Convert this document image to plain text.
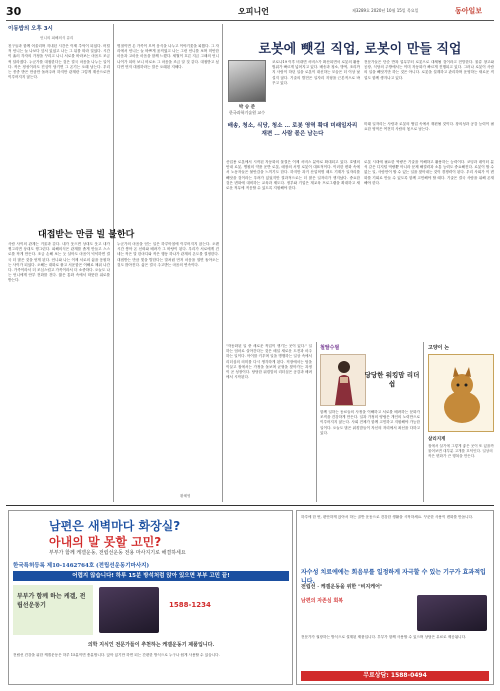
30	오피니언	제3289호 2020년 10월 15일 목요일	동아일보
이동밥의 오후 3시
언니의 피해의식 유리
친구들과 함께 어울리며 지내던 시간은 이제 추억이 되었다. 어릴 적 언니는 늘 나보다 앞서 있었고 나는 그 뒤를 따라 걸었다. 시간이 흘러 각자의 가정을 꾸리고 나니 서로를 바라보는 마음도 조금씩 달라졌다. 누군가를 대접한다는 것은 결국 마음을 나누는 일이다. 작은 정성이라도 진심이 담기면 그 온기는 오래 남는다. 우리는 종종 받은 만큼만 돌려주려 하지만 관계란 그렇게 계산으로만 이루어지지 않는다.
명절이면 온 가족이 모여 음식을 나누고 이야기꽃을 피웠다. 그 자리에서 언니는 늘 바쁘게 움직였고 나는 그런 언니를 보며 미안한 마음과 고마운 마음을 함께 느꼈다. 세월이 흐른 지금 그때의 언니 나이가 되어 보니 비로소 그 마음을 조금 알 것 같다. 대접받고 싶다면 먼저 대접하라는 말은 오래된 지혜다.
대접받는 만큼 빌 불한다
사람 사이의 관계는 거울과 같다. 내가 웃으면 상대도 웃고 내가 찡그리면 상대도 찡그린다. 피해의식은 관계를 좁게 만들고 스스로를 작게 만든다. 조금 손해 보는 듯 살아도 마음이 넉넉하면 결국 더 많은 것을 얻게 된다. 언니와 나는 이제 서로의 삶을 응원하는 사이가 되었다. 오해는 대화로 풀고 서운함은 이해로 채워 나간다. 가족이라서 더 조심스럽고 가족이라서 더 소중하다. 오늘도 나는 언니에게 안부 전화를 건다. 짧은 통화 속에서 따뜻한 위로를 받는다.
누군가의 마음을 얻는 일은 하루아침에 이루어지지 않는다. 오랜 시간 쌓아 온 신뢰와 배려가 그 바탕이 된다. 우리가 서로에게 건네는 작은 말 한마디와 작은 행동 하나가 관계의 온도를 결정한다. 대접받는 만큼 빛을 발한다는 말처럼 먼저 마음을 열면 돌아오는 것도 많아진다. 삶은 결국 주고받는 마음의 연속이다.
황혜영
로봇에 뺏길 직업, 로봇이 만들 직업
박 승 준
한국과학기술원 교수
코로나19 이후 비대면 서비스가 확산되면서 로봇의 활용 범위가 빠르게 넓어지고 있다. 배송과 청소, 방역, 조리까지 사람이 하던 일을 로봇이 대신하는 모습은 더 이상 낯설지 않다. 기술의 발전은 일자리 지형을 근본적으로 바꾸고 있다.
전문가들은 단순 반복 업무부터 로봇으로 대체될 것이라고 전망한다. 물류 창고와 공장, 식당의 주방에서는 이미 자동화가 빠르게 진행되고 있다. 그러나 로봇이 사람의 일을 빼앗기만 하는 것은 아니다. 로봇을 설계하고 관리하며 운영하는 새로운 직업도 함께 생겨나고 있다.
배송, 청소, 식당, 청소 … 로봇 영역 확대 미래일자리 재편 … 사람 몫은 남는다
미래 일자리는 사람과 로봇의 협업 속에서 재편될 것이다. 창의성과 공감 능력이 필요한 영역은 여전히 사람의 몫으로 남는다.
산업용 로봇에서 시작된 자동화의 물결은 이제 서비스 분야로 확대되고 있다. 호텔의 안내 로봇, 병원의 약품 운반 로봇, 매장의 서빙 로봇이 대표적이다. 이러한 변화 속에서 노동자들은 불안감을 느끼기도 한다. 하지만 과거 산업혁명 때도 기계가 일자리를 빼앗을 것이라는 우려가 있었지만 결과적으로는 더 많은 일자리가 생겨났다. 중요한 것은 변화에 대비하는 교육과 제도다. 정부와 기업은 재교육 프로그램을 확대하고 새로운 직무에 적응할 수 있도록 지원해야 한다.
로봇 시대에 필요한 역량은 기술을 이해하고 활용하는 능력이다. 코딩과 데이터 분석 같은 디지털 역량뿐 아니라 문제 해결력과 소통 능력도 중요해진다. 로봇이 할 수 없는 일, 사람만이 할 수 있는 일을 찾아내는 것이 경쟁력이 된다. 우리 사회가 이 변화를 기회로 만들 수 있도록 함께 고민해야 할 때다. 기술은 결국 사람을 위해 존재해야 한다.
"자동화된 일 중 새로운 직업이 생기는 곳이 있다." 일하는 엄마로 살아간다는 것은 매일 새로운 도전과 마주하는 일이다. 아이를 키우며 일을 병행하는 일상 속에서 리더십의 의미를 다시 생각하게 된다. 직장에서는 팀을 이끌고 집에서는 가정을 돌보며 균형을 찾아가는 과정이 곧 성장이다. 당당한 워킹맘의 리더십은 공감과 배려에서 시작된다.
철딸수필
당당한 워킹맘 리더쉽
함께 일하는 동료들의 사정을 이해하고 서로를 배려하는 문화가 조직을 건강하게 만든다. 일과 가정의 양립은 개인의 노력만으로 이루어지지 않는다. 사회 전체가 함께 고민하고 지원해야 가능한 일이다. 오늘도 많은 워킹맘들이 자신의 자리에서 최선을 다하고 있다.
고양이 논
살리지게
집에서 살기에 그렇게 좋은 곳이 또 있을까 물어보면 대부분 고개를 끄덕인다. 일상의 작은 변화가 큰 행복을 만든다.
남편은 새벽마다 화장실?
아내의 말 못할 고민?
부부가 함께 케겔운동, 전립선운동 전용 마사지기로 해결하세요
한국특허등록 제10-1462764호 (전립선운동기마사지)
어렵지 않습니다! 하루 15분 방석처럼 앉아 있으면 부부 고민 끝!
부부가 함께 하는 케겔, 전립선운동기	1588-1234
의학 지식인 전문가들이 추천하는 케겔운동기 제품입니다.
전립선 건강을 위한 케겔운동은 하루 15분이면 충분합니다. 앉아 있기만 하면 되는 간편한 방식으로 누구나 쉽게 사용할 수 있습니다.
하루에 한 번, 편안하게 앉아서 하는 골반 운동으로 건강한 생활을 시작하세요. 꾸준한 사용이 변화를 만듭니다.
자수성 치료에에는 회음부를 일정하게 자극할 수 있는 기구가 효과적입니다.
전립선 · 케겔운동을 위한 "비지케어"
남편의 자존심 회복
전문가가 권장하는 방식으로 설계된 제품입니다. 부부가 함께 사용할 수 있으며 상담은 무료로 제공됩니다.
무료상담: 1588-0494
